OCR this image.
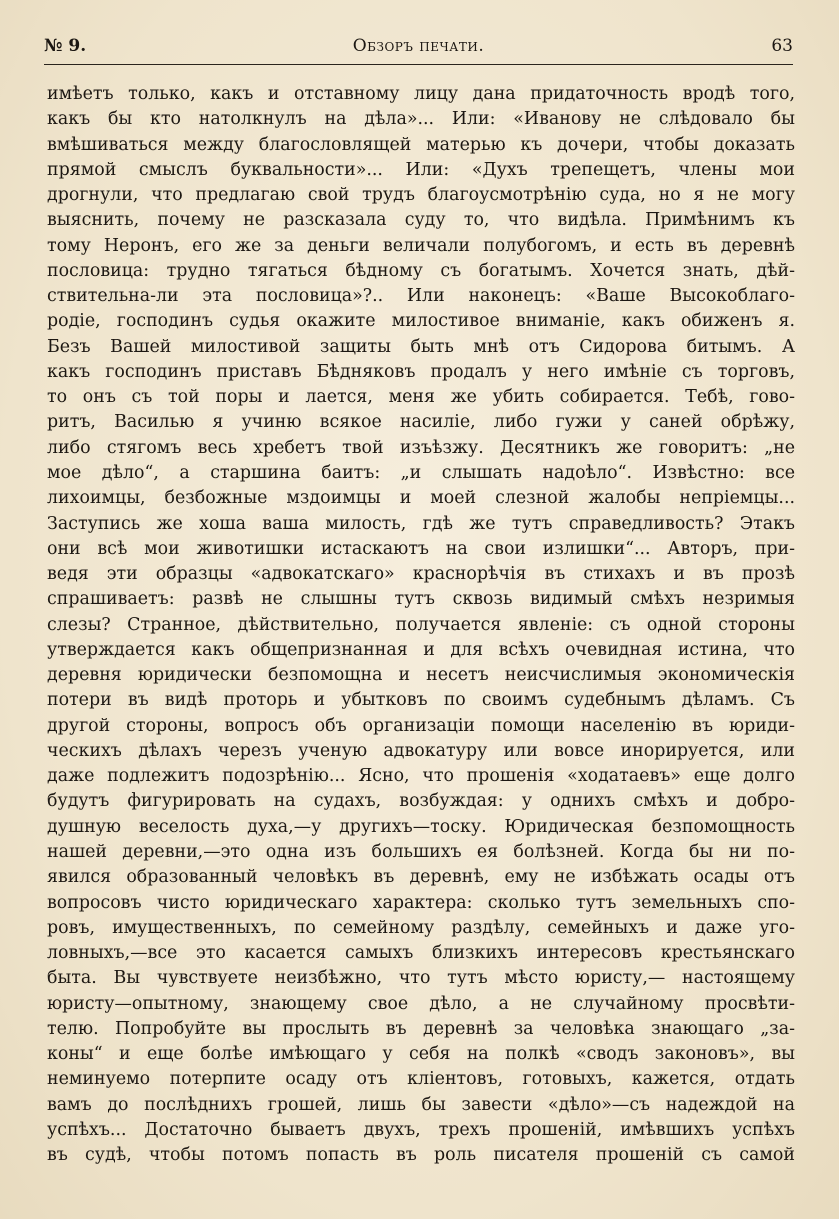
№ 9.	Обзоръ печати.	63
имѣетъ только, какъ и отставному лицу дана придаточность вродѣ того,
какъ бы кто натолкнулъ на дѣла»... Или: «Иванову не слѣдовало бы
вмѣшиваться между благословлящей матерью къ дочери, чтобы доказать
прямой смыслъ буквальности»... Или: «Духъ трепещетъ, члены мои
дрогнули, что предлагаю свой трудъ благоусмотрѣнію суда, но я не могу
выяснить, почему не разсказала суду то, что видѣла. Примѣнимъ къ
тому Неронъ, его же за деньги величали полубогомъ, и есть въ деревнѣ
пословица: трудно тягаться бѣдному съ богатымъ. Хочется знать, дѣй-
ствительна-ли эта пословица»?.. Или наконецъ: «Ваше Высокоблаго-
родіе, господинъ судья окажите милостивое вниманіе, какъ обиженъ я.
Безъ Вашей милостивой защиты быть мнѣ отъ Сидорова битымъ. А
какъ господинъ приставъ Бѣдняковъ продалъ у него имѣніе съ торговъ,
то онъ съ той поры и лается, меня же убить собирается. Тебѣ, гово-
ритъ, Василью я учиню всякое насиліе, либо гужи у саней обрѣжу,
либо стягомъ весь хребетъ твой изъѣзжу. Десятникъ же говоритъ: „не
мое дѣло“, а старшина баитъ: „и слышать надоѣло“. Извѣстно: все
лихоимцы, безбожные мздоимцы и моей слезной жалобы непріемцы...
Заступись же хоша ваша милость, гдѣ же тутъ справедливость? Этакъ
они всѣ мои животишки истаскаютъ на свои излишки“... Авторъ, при-
ведя эти образцы «адвокатскаго» краснорѣчія въ стихахъ и въ прозѣ
спрашиваетъ: развѣ не слышны тутъ сквозь видимый смѣхъ незримыя
слезы? Странное, дѣйствительно, получается явленіе: съ одной стороны
утверждается какъ общепризнанная и для всѣхъ очевидная истина, что
деревня юридически безпомощна и несетъ неисчислимыя экономическія
потери въ видѣ проторь и убытковъ по своимъ судебнымъ дѣламъ. Съ
другой стороны, вопросъ объ организаціи помощи населенію въ юриди-
ческихъ дѣлахъ черезъ ученую адвокатуру или вовсе инорируется, или
даже подлежитъ подозрѣнію... Ясно, что прошенія «ходатаевъ» еще долго
будутъ фигурировать на судахъ, возбуждая: у однихъ смѣхъ и добро-
душную веселость духа,—у другихъ—тоску. Юридическая безпомощность
нашей деревни,—это одна изъ большихъ ея болѣзней. Когда бы ни по-
явился образованный человѣкъ въ деревнѣ, ему не избѣжать осады отъ
вопросовъ чисто юридическаго характера: сколько тутъ земельныхъ спо-
ровъ, имущественныхъ, по семейному раздѣлу, семейныхъ и даже уго-
ловныхъ,—все это касается самыхъ близкихъ интересовъ крестьянскаго
быта. Вы чувствуете неизбѣжно, что тутъ мѣсто юристу,— настоящему
юристу—опытному, знающему свое дѣло, а не случайному просвѣти-
телю. Попробуйте вы прослыть въ деревнѣ за человѣка знающаго „за-
коны“ и еще болѣе имѣющаго у себя на полкѣ «сводъ законовъ», вы
неминуемо потерпите осаду отъ кліентовъ, готовыхъ, кажется, отдать
вамъ до послѣднихъ грошей, лишь бы завести «дѣло»—съ надеждой на
успѣхъ... Достаточно бываетъ двухъ, трехъ прошеній, имѣвшихъ успѣхъ
въ судѣ, чтобы потомъ попасть въ роль писателя прошеній съ самой
